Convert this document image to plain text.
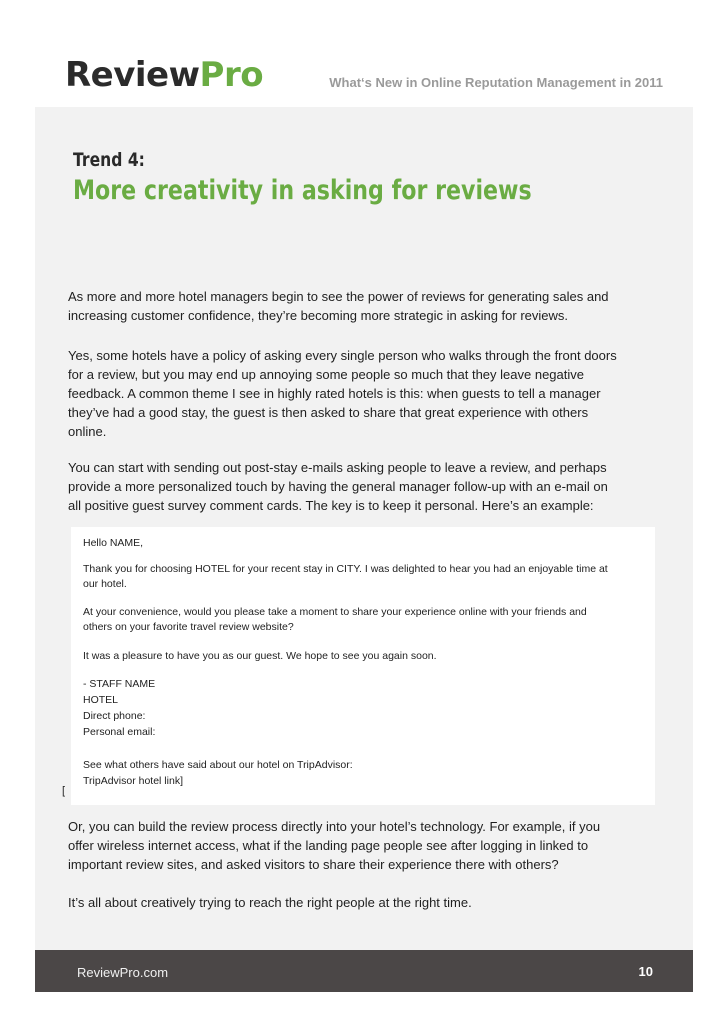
ReviewPro	What‘s New in Online Reputation Management in 2011
Trend 4:
More creativity in asking for reviews
As more and more hotel managers begin to see the power of reviews for generating sales and
increasing customer confidence, they’re becoming more strategic in asking for reviews.
Yes, some hotels have a policy of asking every single person who walks through the front doors
for a review, but you may end up annoying some people so much that they leave negative
feedback. A common theme I see in highly rated hotels is this: when guests to tell a manager
they’ve had a good stay, the guest is then asked to share that great experience with others
online.
You can start with sending out post-stay e-mails asking people to leave a review, and perhaps
provide a more personalized touch by having the general manager follow-up with an e-mail on
all positive guest survey comment cards. The key is to keep it personal. Here’s an example:
Hello NAME,
Thank you for choosing HOTEL for your recent stay in CITY. I was delighted to hear you had an enjoyable time at
our hotel.
At your convenience, would you please take a moment to share your experience online with your friends and
others on your favorite travel review website?
It was a pleasure to have you as our guest. We hope to see you again soon.
- STAFF NAME
HOTEL
Direct phone:
Personal email:
See what others have said about our hotel on TripAdvisor:
TripAdvisor hotel link]
[
Or, you can build the review process directly into your hotel’s technology. For example, if you
offer wireless internet access, what if the landing page people see after logging in linked to
important review sites, and asked visitors to share their experience there with others?
It’s all about creatively trying to reach the right people at the right time.
ReviewPro.com	10
